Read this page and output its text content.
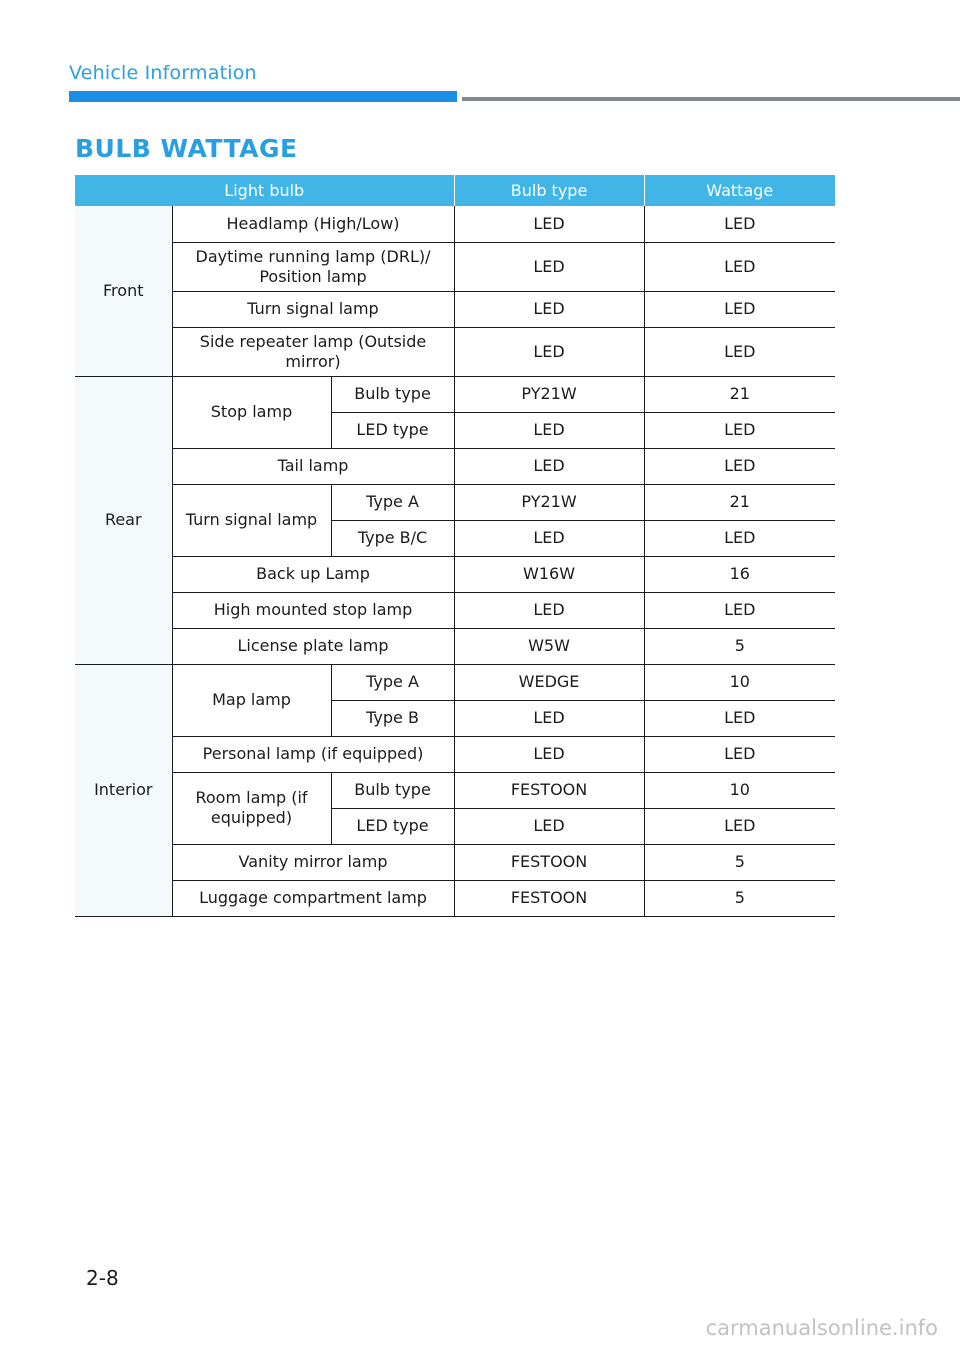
Vehicle Information
BULB WATTAGE
Light bulb			Bulb type	Wattage
Front	Headlamp (High/Low)		LED	LED
	Daytime running lamp (DRL)/ Position lamp		LED	LED
	Turn signal lamp		LED	LED
	Side repeater lamp (Outside mirror)		LED	LED
Rear	Stop lamp	Bulb type	PY21W	21
		LED type	LED	LED
	Tail lamp		LED	LED
	Turn signal lamp	Type A	PY21W	21
		Type B/C	LED	LED
	Back up Lamp		W16W	16
	High mounted stop lamp		LED	LED
	License plate lamp		W5W	5
Interior	Map lamp	Type A	WEDGE	10
		Type B	LED	LED
	Personal lamp (if equipped)		LED	LED
	Room lamp (if equipped)	Bulb type	FESTOON	10
		LED type	LED	LED
	Vanity mirror lamp		FESTOON	5
	Luggage compartment lamp		FESTOON	5
2-8
carmanualsonline.info
